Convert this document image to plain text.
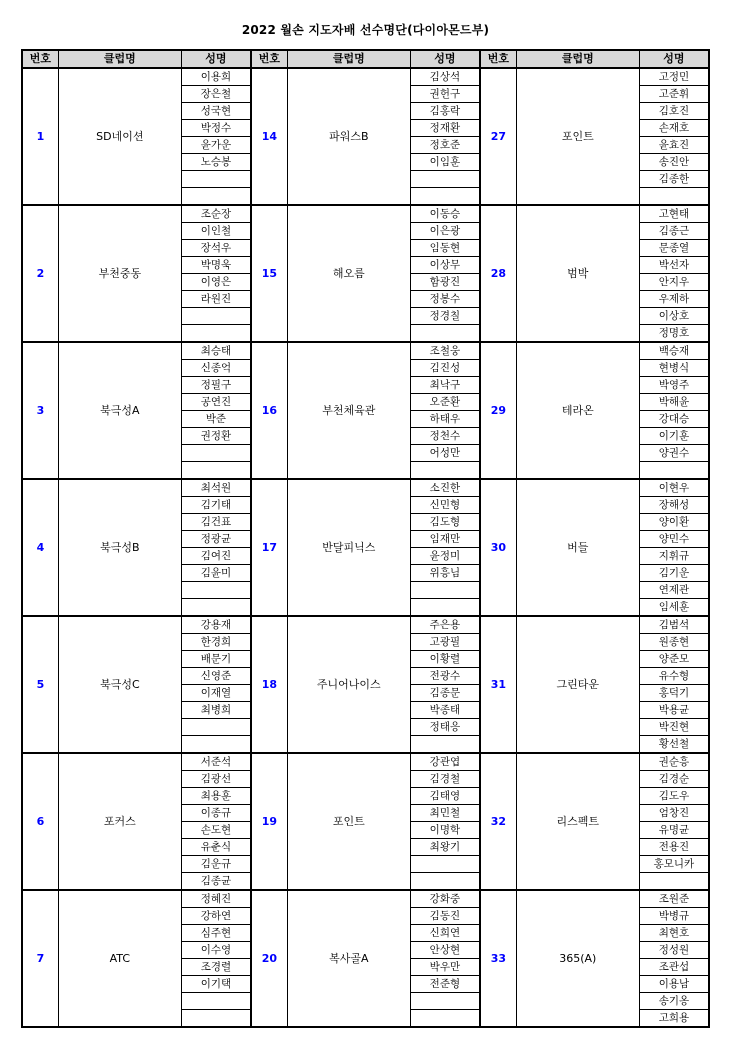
2022 월손 지도자배 선수명단(다이아몬드부)
번호	클럽명	성명	번호	클럽명	성명	번호	클럽명	성명
1	SD네이션	이용희	14	파워스B	김상석	27	포인트	고정민
		장은철			권헌구			고준휘
		성국현			김홍락			김호진
		박정수			정재환			손재호
		윤가운			정호준			윤효진
		노승봉			이임훈			송진안
								김종한

2	부천중동	조순장	15	해오름	이동승	28	범박	고현태
		이인철			이은광			김종근
		장석우			임동현			문종열
		박명욱			이상무			박선자
		이영은			함광진			안지우
		라원진			정봉수			우제하
					정경칠			이상호
								정명호
3	북극성A	최승태	16	부천체육관	조철웅	29	테라온	백승재
		신종억			김진성			현병식
		정필구			최낙구			박영주
		공연진			오준환			박해윤
		박준			하태우			강대승
		권정환			정천수			이기훈
					어성만			양권수

4	북극성B	최석원	17	반달피닉스	소진한	30	버들	이현우
		김기태			신민형			장해성
		김건표			김도형			양이환
		정광균			임재만			양민수
		김여진			윤정미			지휘규
		김윤미			위흥님			김기운
								연제관
								임세훈
5	북극성C	강용재	18	주니어나이스	주은용	31	그린타운	김범석
		한경희			고광필			원종현
		배문기			이황렬			양준모
		신영준			전광수			유수형
		이재열			김종문			홍덕기
		최병희			박종태			박용균
					정태응			박진현
								황선철
6	포커스	서준석	19	포인트	강관엽	32	리스펙트	권순흥
		김광선			김경철			김경순
		최용훈			김태영			김도우
		이종규			최민철			엄창진
		손도현			이명학			유명균
		유춘식			최왕기			전용진
		김운규						홍모니카
		김종균						
7	ATC	정혜진	20	복사골A	강화중	33	365(A)	조원준
		강하연			김동진			박병규
		심주현			신희연			최현호
		이수영			안상현			정성원
		조경렬			박우만			조관섭
		이기택			전준형			이용남
								송기옹
								고희용
